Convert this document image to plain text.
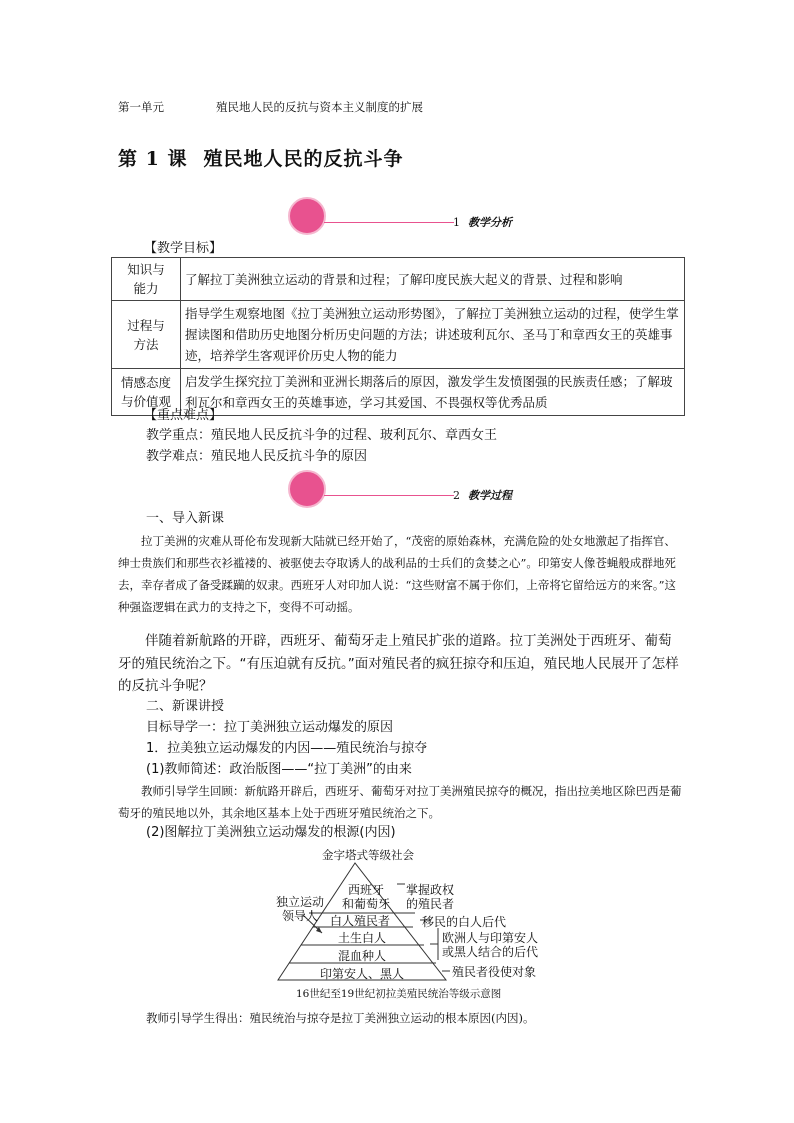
第一单元	殖民地人民的反抗与资本主义制度的扩展
第 1 课 殖民地人民的反抗斗争
1 教学分析
【教学目标】
知识与
能力	了解拉丁美洲独立运动的背景和过程；了解印度民族大起义的背景、过程和影响
过程与
方法	指导学生观察地图《拉丁美洲独立运动形势图》，了解拉丁美洲独立运动的过程，使学生掌握读图和借助历史地图分析历史问题的方法；讲述玻利瓦尔、圣马丁和章西女王的英雄事迹，培养学生客观评价历史人物的能力
情感态度
与价值观	启发学生探究拉丁美洲和亚洲长期落后的原因，激发学生发愤图强的民族责任感；了解玻利瓦尔和章西女王的英雄事迹，学习其爱国、不畏强权等优秀品质
【重点难点】
教学重点：殖民地人民反抗斗争的过程、玻利瓦尔、章西女王
教学难点：殖民地人民反抗斗争的原因
2 教学过程
一、导入新课
拉丁美洲的灾难从哥伦布发现新大陆就已经开始了，“茂密的原始森林，充满危险的处女地激起了指挥官、绅士贵族们和那些衣衫褴褛的、被驱使去夺取诱人的战利品的士兵们的贪婪之心”。印第安人像苍蝇般成群地死去，幸存者成了备受蹂躏的奴隶。西班牙人对印加人说：“这些财富不属于你们，上帝将它留给远方的来客。”这种强盗逻辑在武力的支持之下，变得不可动摇。
伴随着新航路的开辟，西班牙、葡萄牙走上殖民扩张的道路。拉丁美洲处于西班牙、葡萄牙的殖民统治之下。“有压迫就有反抗。”面对殖民者的疯狂掠夺和压迫，殖民地人民展开了怎样的反抗斗争呢？
二、新课讲授
目标导学一：拉丁美洲独立运动爆发的原因
1．拉美独立运动爆发的内因——殖民统治与掠夺
(1)教师简述：政治版图——“拉丁美洲”的由来
教师引导学生回顾：新航路开辟后，西班牙、葡萄牙对拉丁美洲殖民掠夺的概况，指出拉美地区除巴西是葡萄牙的殖民地以外，其余地区基本上处于西班牙殖民统治之下。
(2)图解拉丁美洲独立运动爆发的根源(内因)
金字塔式等级社会
西班牙
和葡萄牙
白人殖民者
土生白人
混血种人
印第安人、黑人
掌握政权
的殖民者
移民的白人后代
欧洲人与印第安人
或黑人结合的后代
殖民者役使对象
独立运动
领导人
16世纪至19世纪初拉美殖民统治等级示意图
教师引导学生得出：殖民统治与掠夺是拉丁美洲独立运动的根本原因(内因)。
